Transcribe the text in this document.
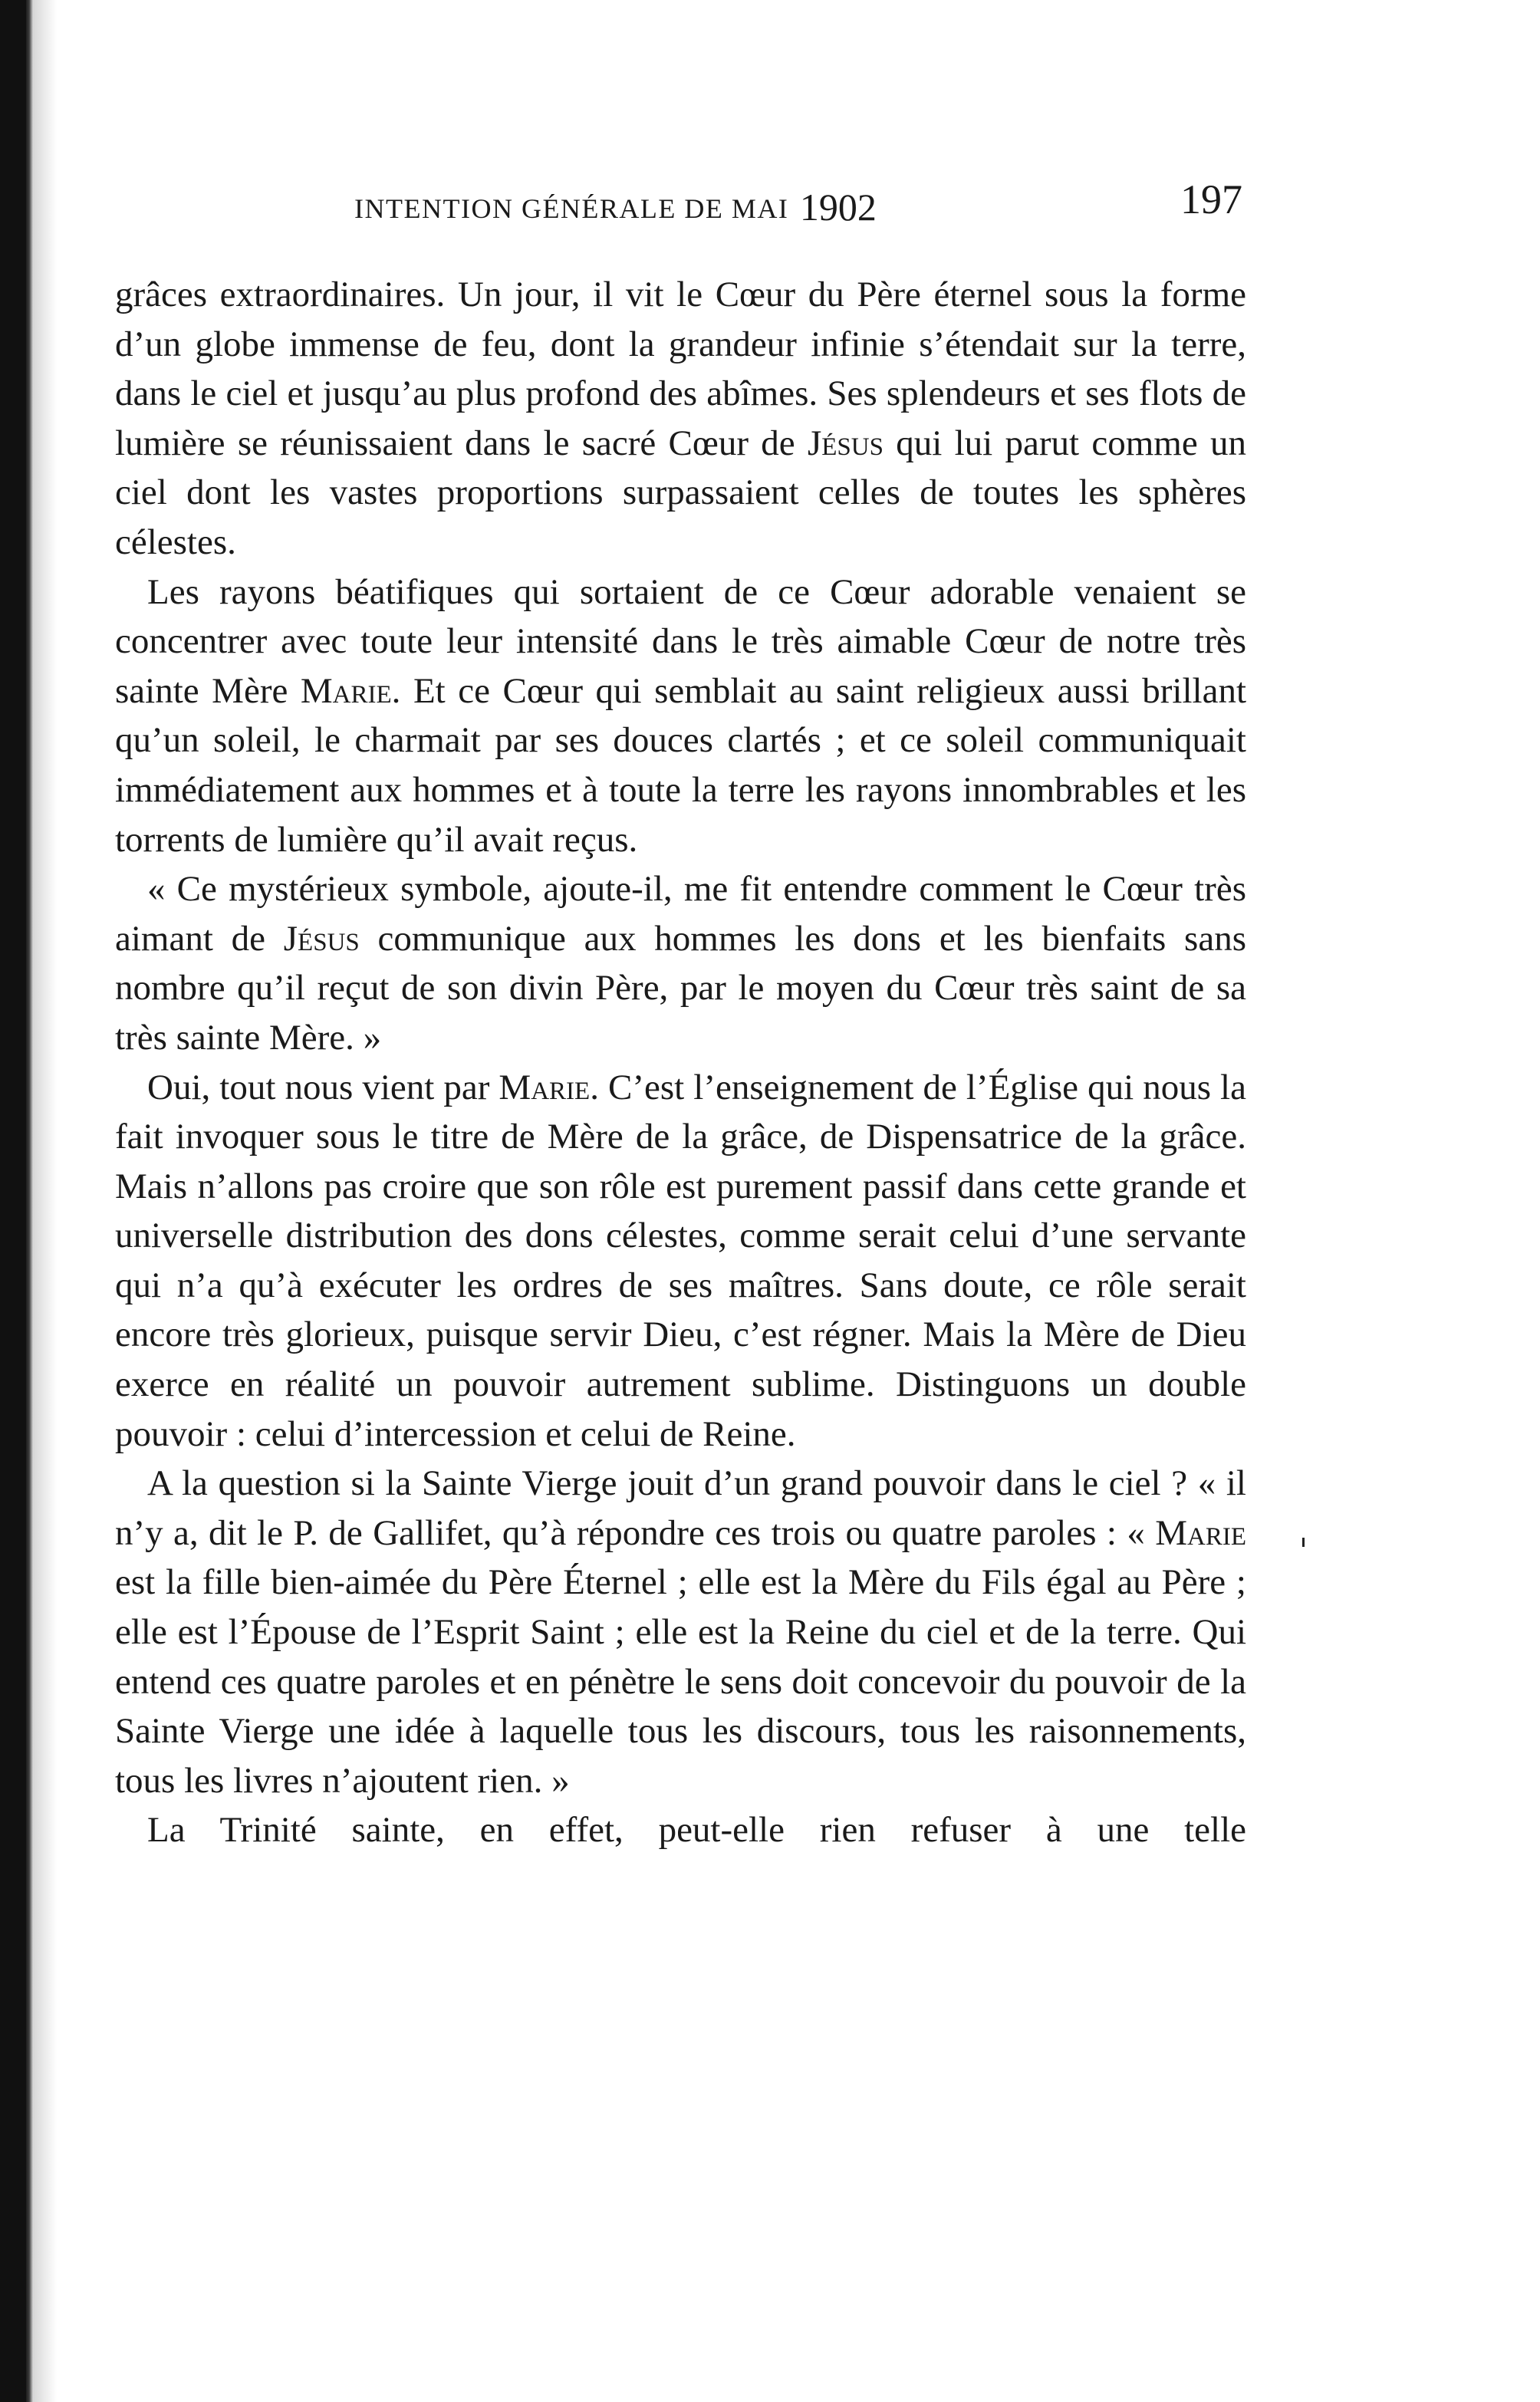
INTENTION GÉNÉRALE DE MAI 1902	197

grâces extraordinaires. Un jour, il vit le Cœur du Père éternel sous la forme d’un globe immense de feu, dont la grandeur infinie s’étendait sur la terre, dans le ciel et jusqu’au plus profond des abîmes. Ses splendeurs et ses flots de lumière se réunissaient dans le sacré Cœur de Jésus qui lui parut comme un ciel dont les vastes proportions surpassaient celles de toutes les sphères célestes.

Les rayons béatifiques qui sortaient de ce Cœur adorable venaient se concentrer avec toute leur intensité dans le très aimable Cœur de notre très sainte Mère Marie. Et ce Cœur qui semblait au saint religieux aussi brillant qu’un soleil, le charmait par ses douces clartés ; et ce soleil communiquait immédiatement aux hommes et à toute la terre les rayons innombrables et les torrents de lumière qu’il avait reçus.

« Ce mystérieux symbole, ajoute-il, me fit entendre comment le Cœur très aimant de Jésus communique aux hommes les dons et les bienfaits sans nombre qu’il reçut de son divin Père, par le moyen du Cœur très saint de sa très sainte Mère. »

Oui, tout nous vient par Marie. C’est l’enseignement de l’Église qui nous la fait invoquer sous le titre de Mère de la grâce, de Dispensatrice de la grâce. Mais n’allons pas croire que son rôle est purement passif dans cette grande et universelle distribution des dons célestes, comme serait celui d’une servante qui n’a qu’à exécuter les ordres de ses maîtres. Sans doute, ce rôle serait encore très glorieux, puisque servir Dieu, c’est régner. Mais la Mère de Dieu exerce en réalité un pouvoir autrement sublime. Distinguons un double pouvoir : celui d’intercession et celui de Reine.

A la question si la Sainte Vierge jouit d’un grand pouvoir dans le ciel ? « il n’y a, dit le P. de Gallifet, qu’à répondre ces trois ou quatre paroles : « Marie est la fille bien-aimée du Père Éternel ; elle est la Mère du Fils égal au Père ; elle est l’Épouse de l’Esprit Saint ; elle est la Reine du ciel et de la terre. Qui entend ces quatre paroles et en pénètre le sens doit concevoir du pouvoir de la Sainte Vierge une idée à laquelle tous les discours, tous les raisonnements, tous les livres n’ajoutent rien. »

La Trinité sainte, en effet, peut-elle rien refuser à une telle
